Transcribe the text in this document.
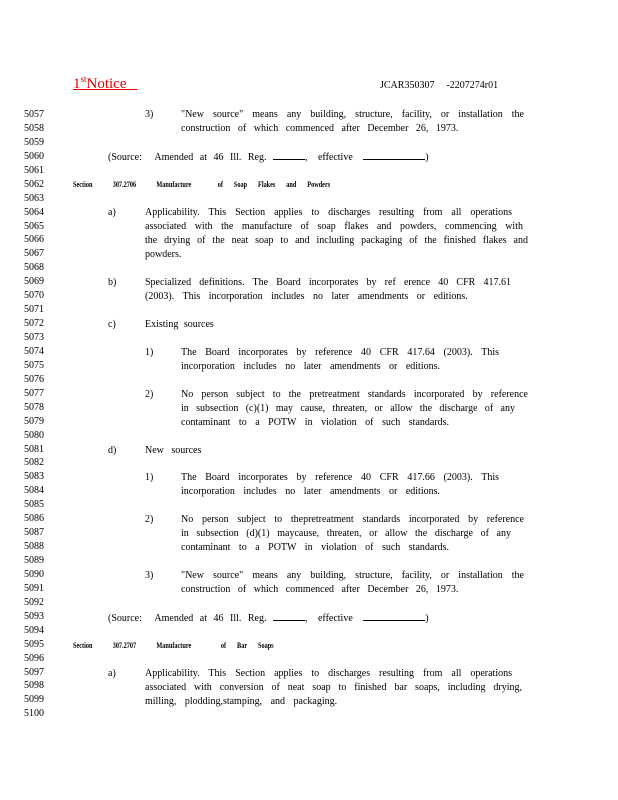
1stNotice	JCAR350307 -2207274r01
5057
5058
5059
5060
5061
5062
5063
5064
5065
5066
5067
5068
5069
5070
5071
5072
5073
5074
5075
5076
5077
5078
5079
5080
5081
5082
5083
5084
5085
5086
5087
5088
5089
5090
5091
5092
5093
5094
5095
5096
5097
5098
5099
5100
3)	"New source" means any building, structure, facility, or installation the
construction of which commenced after December 26, 1973.
(Source: Amended at 46 Ill. Reg.	, effective	)
Section	307.2706	Manufacture	of Soap Flakes and Powders
a)	Applicability. This Section applies to discharges resulting from all operations
associated with the manufacture of soap flakes and powders, commencing with
the drying of the neat soap to and including packaging of the finished flakes and
powders.
b)	Specialized definitions. The Board incorporates by ref erence 40 CFR 417.61
(2003). This incorporation includes no later amendments or editions.
c)	Existing sources
1)	The Board incorporates by reference 40 CFR 417.64 (2003). This
incorporation includes no later amendments or editions.
2)	No person subject to the pretreatment standards incorporated by reference
in subsection (c)(1) may cause, threaten, or allow the discharge of any
contaminant to a POTW in violation of such standards.
d)	New sources
1)	The Board incorporates by reference 40 CFR 417.66 (2003). This
incorporation includes no later amendments or editions.
2)	No person subject to thepretreatment standards incorporated by reference
in subsection (d)(1) maycause, threaten, or allow the discharge of any
contaminant to a POTW in violation of such standards.
3)	"New source" means any building, structure, facility, or installation the
construction of which commenced after December 26, 1973.
(Source: Amended at 46 Ill. Reg.	, effective	)
Section	307.2707	Manufacture	of Bar Soaps
a)	Applicability. This Section applies to discharges resulting from all operations
associated with conversion of neat soap to finished bar soaps, including drying,
milling, plodding,stamping, and packaging.
